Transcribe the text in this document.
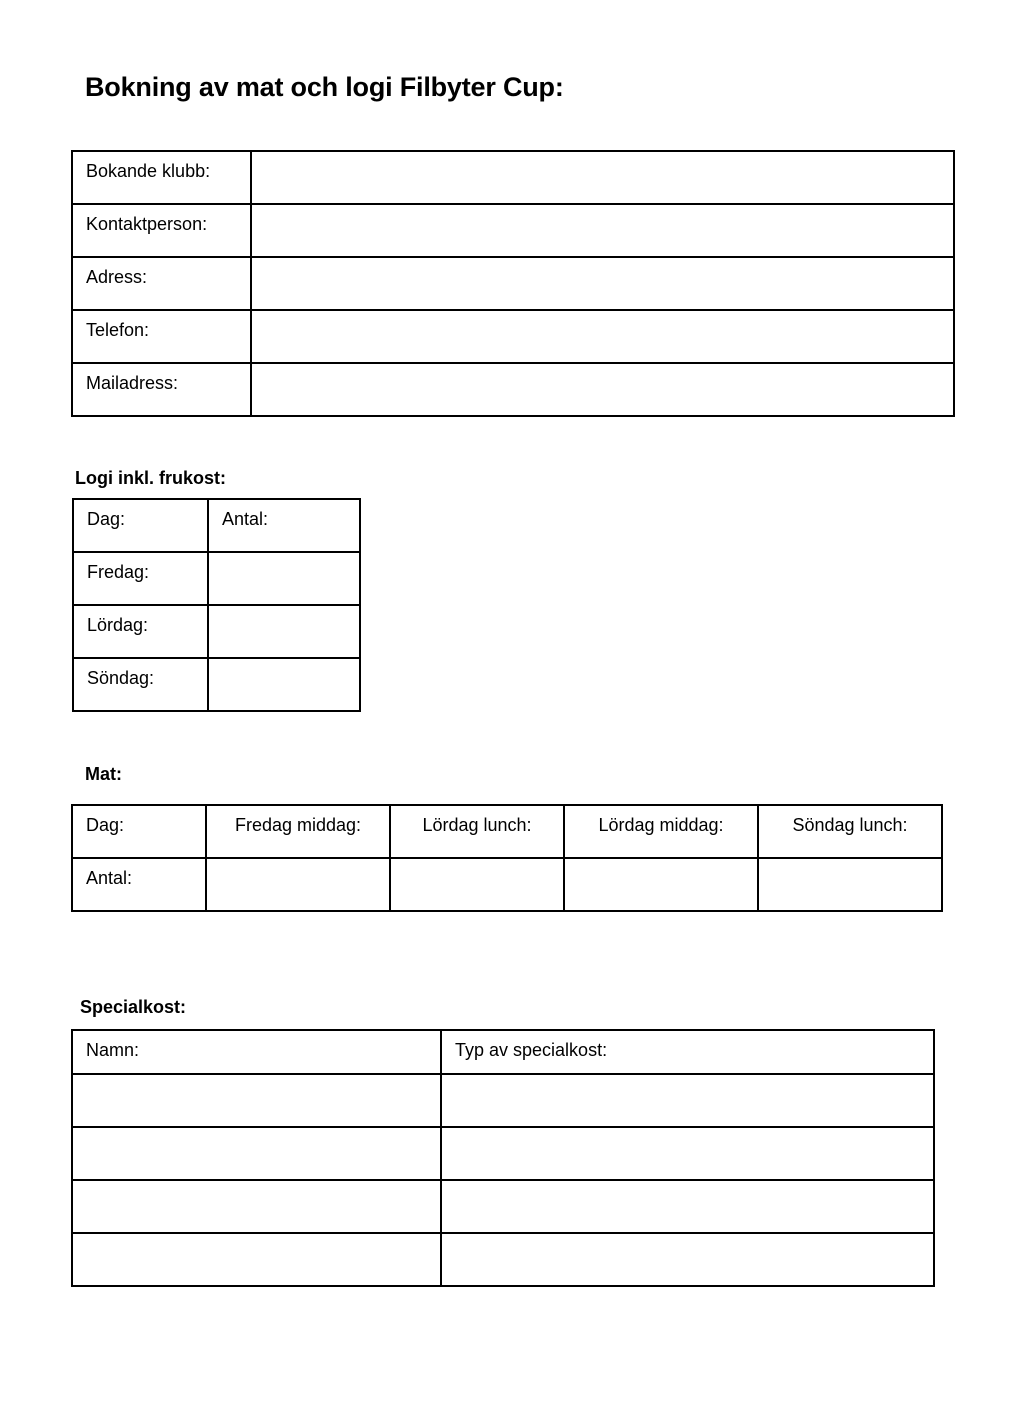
Bokning av mat och logi Filbyter Cup:
Bokande klubb:	

Kontaktperson:	

Adress:	

Telefon:	

Mailadress:	

Logi inkl. frukost:
Dag:	Antal:

Fredag:	

Lördag:	

Söndag:	

Mat:
Dag:	Fredag middag:	Lördag lunch:	Lördag middag:	Söndag lunch:

Antal:				

Specialkost:
Namn:	Typ av specialkost:
